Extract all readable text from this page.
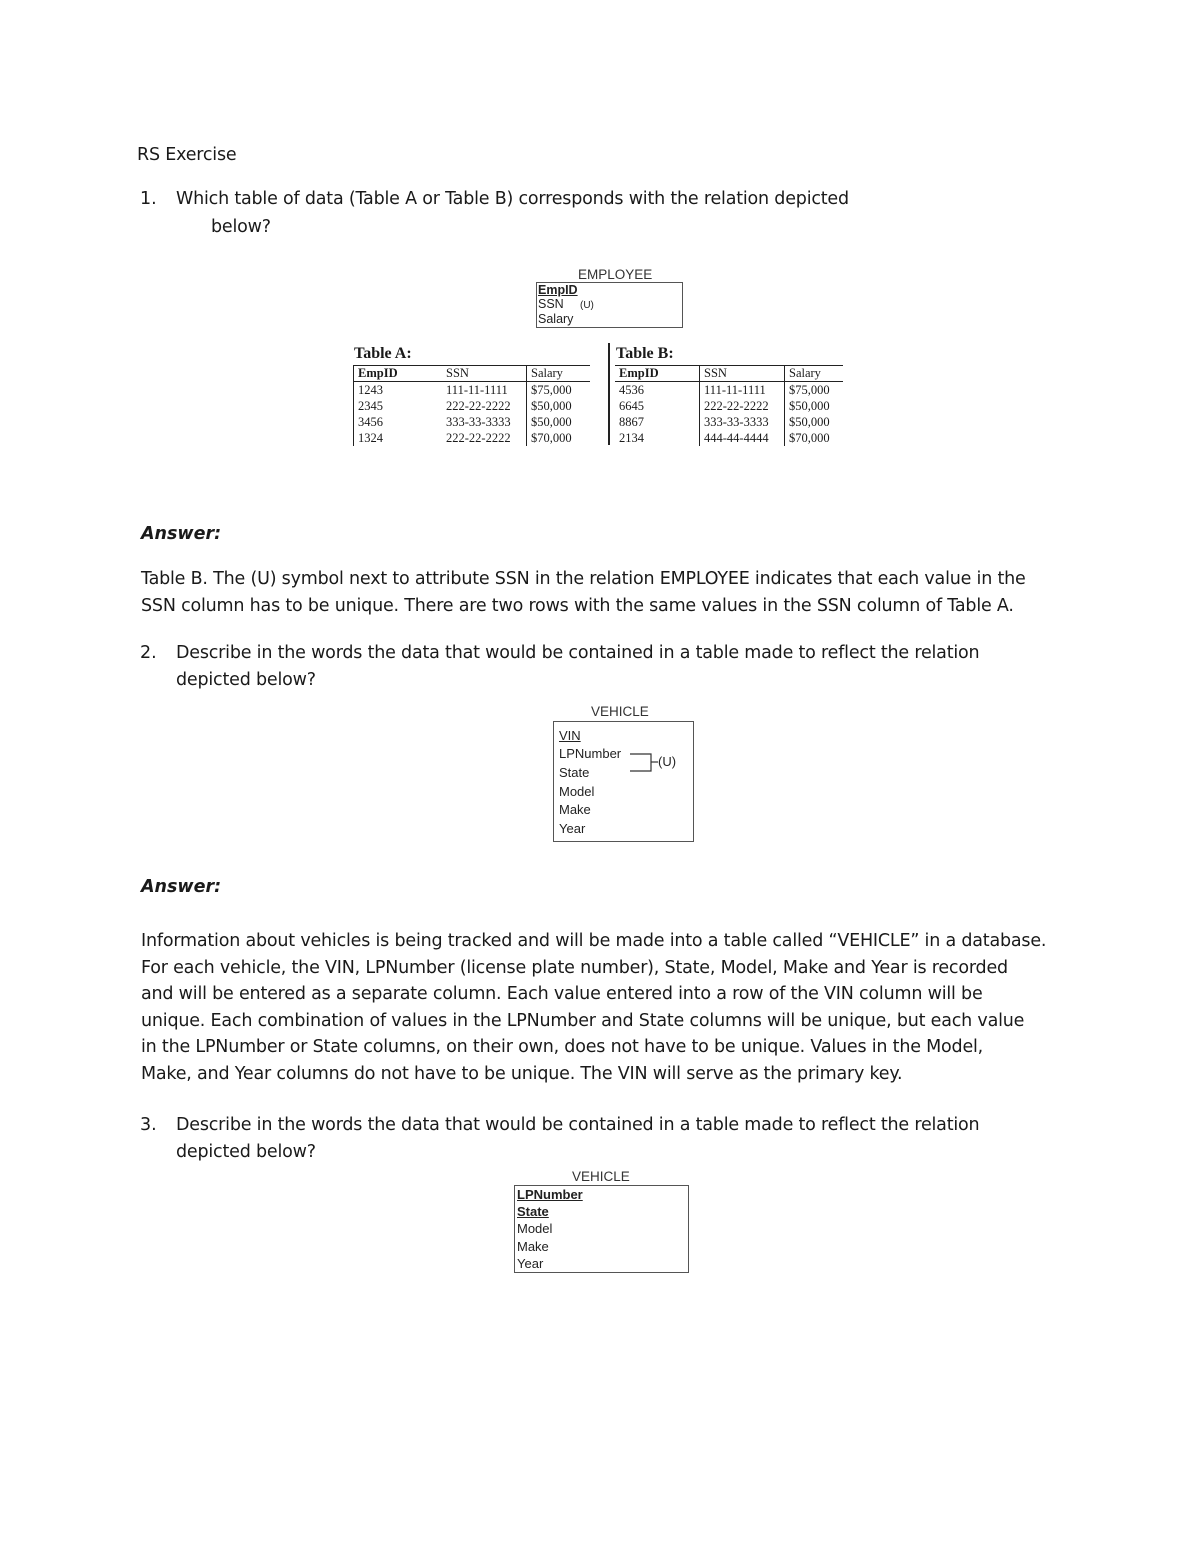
RS Exercise
1. Which table of data (Table A or Table B) corresponds with the relation depicted
below?
EMPLOYEE
EmpID
SSN (U)
Salary
Table A:
EmpID	SSN	Salary
1243	111-11-1111	$75,000
2345	222-22-2222	$50,000
3456	333-33-3333	$50,000
1324	222-22-2222	$70,000
Table B:
EmpID	SSN	Salary
4536	111-11-1111	$75,000
6645	222-22-2222	$50,000
8867	333-33-3333	$50,000
2134	444-44-4444	$70,000
Answer:
Table B. The (U) symbol next to attribute SSN in the relation EMPLOYEE indicates that each value in the
SSN column has to be unique. There are two rows with the same values in the SSN column of Table A.
2. Describe in the words the data that would be contained in a table made to reflect the relation
depicted below?
VEHICLE
VIN
LPNumber
State
Model
Make
Year
(U)
Answer:
Information about vehicles is being tracked and will be made into a table called “VEHICLE” in a database.
For each vehicle, the VIN, LPNumber (license plate number), State, Model, Make and Year is recorded
and will be entered as a separate column. Each value entered into a row of the VIN column will be
unique. Each combination of values in the LPNumber and State columns will be unique, but each value
in the LPNumber or State columns, on their own, does not have to be unique. Values in the Model,
Make, and Year columns do not have to be unique. The VIN will serve as the primary key.
3. Describe in the words the data that would be contained in a table made to reflect the relation
depicted below?
VEHICLE
LPNumber
State
Model
Make
Year
